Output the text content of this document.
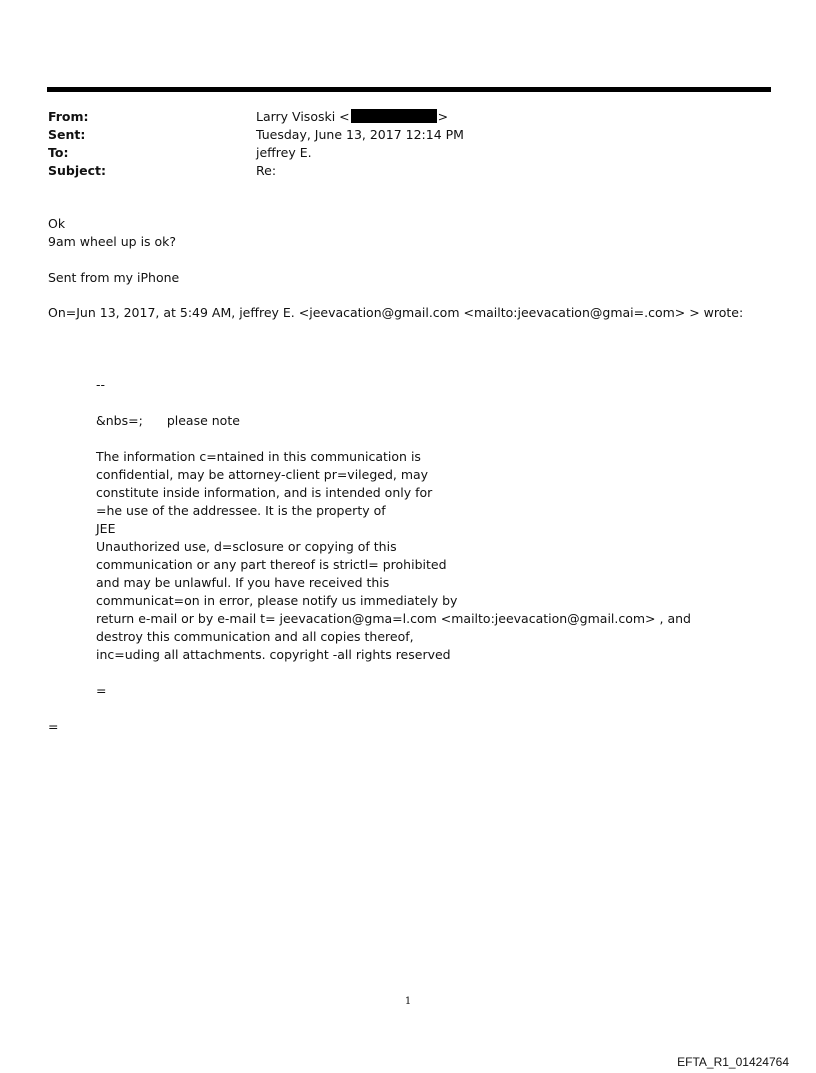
From:	Larry Visoski <	>
Sent:	Tuesday, June 13, 2017 12:14 PM
To:	jeffrey E.
Subject:	Re:
Ok
9am wheel up is ok?
Sent from my iPhone
On=Jun 13, 2017, at 5:49 AM, jeffrey E. <jeevacation@gmail.com <mailto:jeevacation@gmai=.com> > wrote:
--
&nbs=; please note
The information c=ntained in this communication is
confidential, may be attorney-client pr=vileged, may
constitute inside information, and is intended only for
=he use of the addressee. It is the property of
JEE
Unauthorized use, d=sclosure or copying of this
communication or any part thereof is strictl= prohibited
and may be unlawful. If you have received this
communicat=on in error, please notify us immediately by
return e-mail or by e-mail t= jeevacation@gma=l.com <mailto:jeevacation@gmail.com> , and
destroy this communication and all copies thereof,
inc=uding all attachments. copyright -all rights reserved
=
=
1
EFTA_R1_01424764
